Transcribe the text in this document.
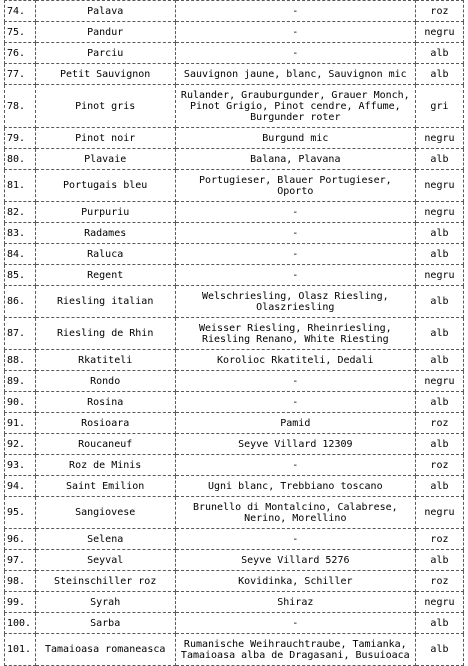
74.	Palava	-	roz
75.	Pandur	-	negru
76.	Parciu	-	alb
77.	Petit Sauvignon	Sauvignon jaune, blanc, Sauvignon mic	alb
78.	Pinot gris	Rulander, Grauburgunder, Grauer Monch, Pinot Grigio, Pinot cendre, Affume, Burgunder roter	gri
79.	Pinot noir	Burgund mic	negru
80.	Plavaie	Balana, Plavana	alb
81.	Portugais bleu	Portugieser, Blauer Portugieser, Oporto	negru
82.	Purpuriu	-	negru
83.	Radames	-	alb
84.	Raluca	-	alb
85.	Regent	-	negru
86.	Riesling italian	Welschriesling, Olasz Riesling, Olaszriesling	alb
87.	Riesling de Rhin	Weisser Riesling, Rheinriesling, Riesling Renano, White Riesting	alb
88.	Rkatiteli	Korolioc Rkatiteli, Dedali	alb
89.	Rondo	-	negru
90.	Rosina	-	alb
91.	Rosioara	Pamid	roz
92.	Roucaneuf	Seyve Villard 12309	alb
93.	Roz de Minis	-	roz
94.	Saint Emilion	Ugni blanc, Trebbiano toscano	alb
95.	Sangiovese	Brunello di Montalcino, Calabrese, Nerino, Morellino	negru
96.	Selena	-	roz
97.	Seyval	Seyve Villard 5276	alb
98.	Steinschiller roz	Kovidinka, Schiller	roz
99.	Syrah	Shiraz	negru
100.	Sarba	-	alb
101.	Tamaioasa romaneasca	Rumanische Weihrauchtraube, Tamianka, Tamaioasa alba de Dragasani, Busuioaca	alb
